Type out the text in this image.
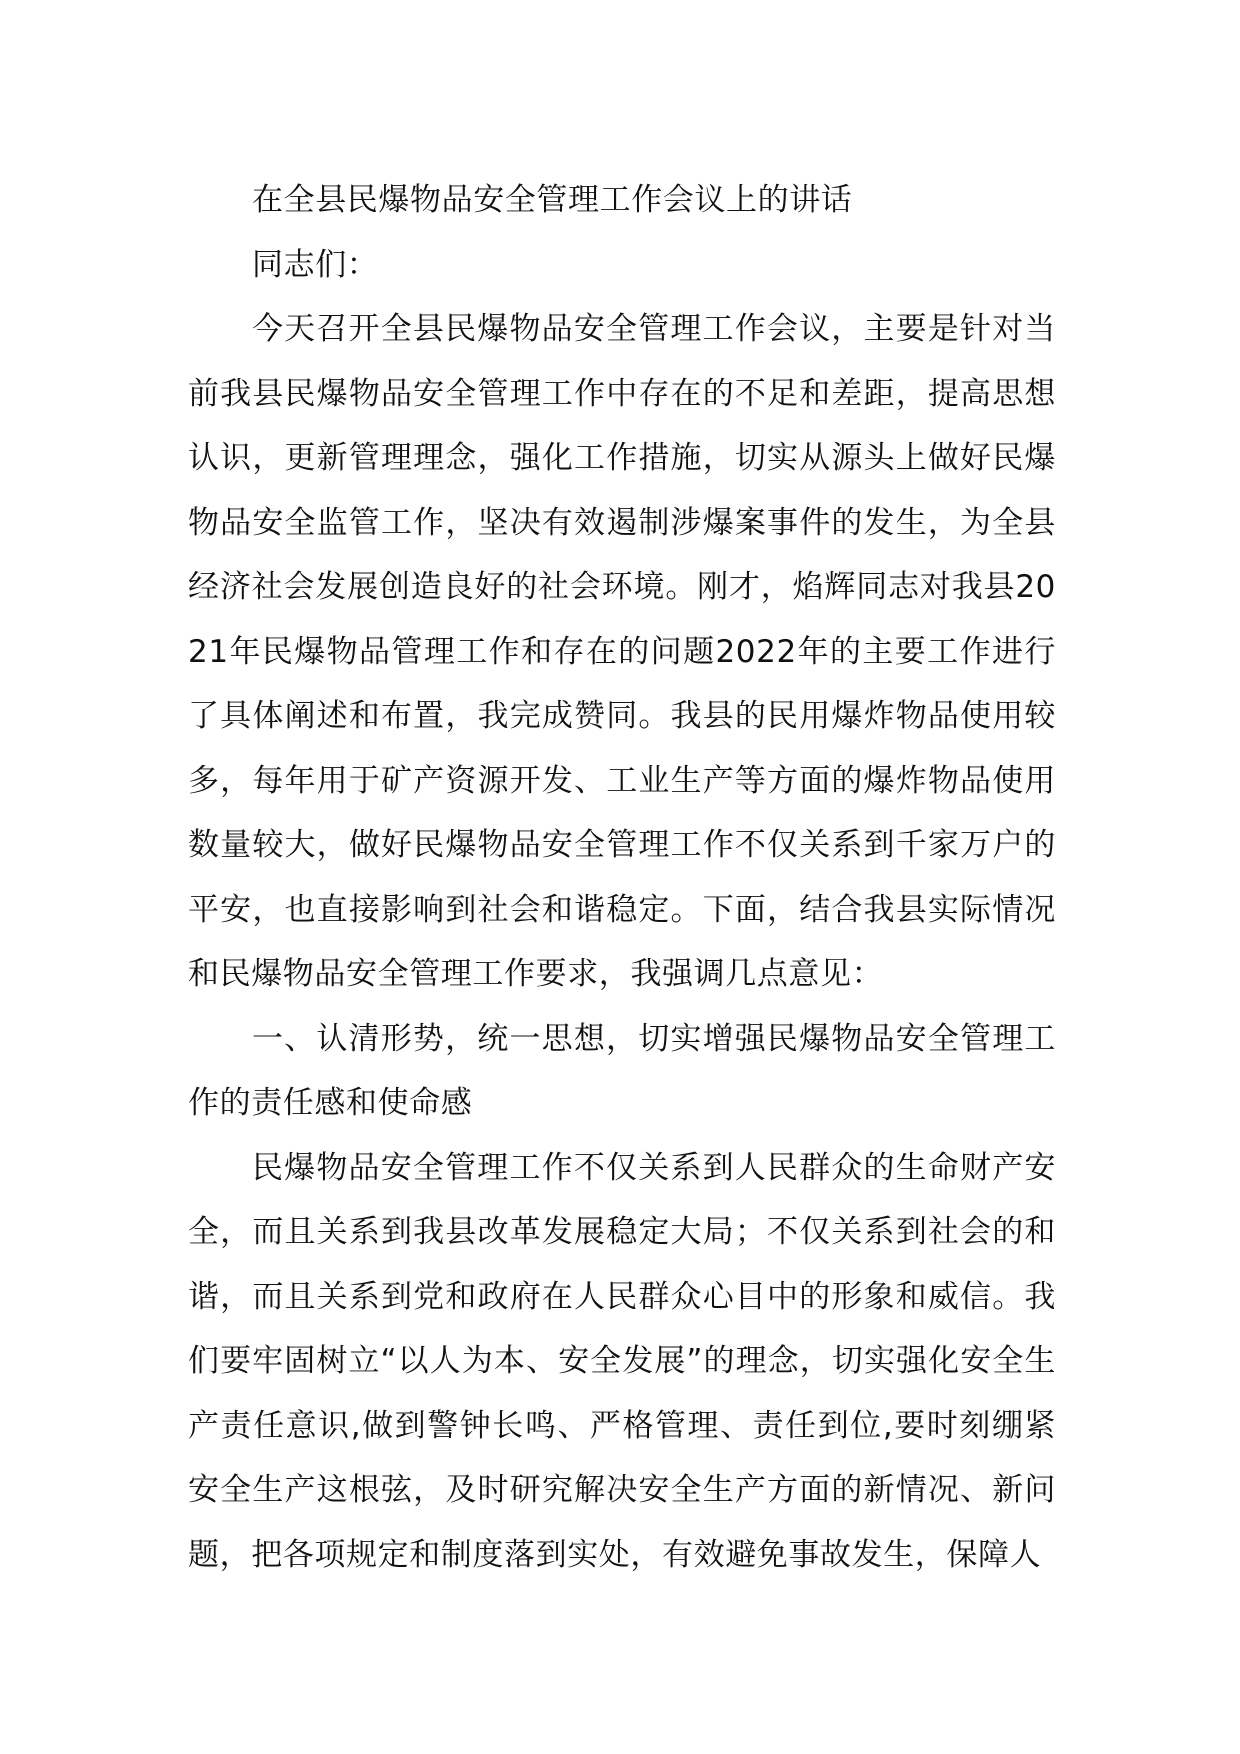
在全县民爆物品安全管理工作会议上的讲话

同志们：

今天召开全县民爆物品安全管理工作会议，主要是针对当前我县民爆物品安全管理工作中存在的不足和差距，提高思想认识，更新管理理念，强化工作措施，切实从源头上做好民爆物品安全监管工作，坚决有效遏制涉爆案事件的发生，为全县经济社会发展创造良好的社会环境。刚才，焰辉同志对我县2021年民爆物品管理工作和存在的问题2022年的主要工作进行了具体阐述和布置，我完成赞同。我县的民用爆炸物品使用较多，每年用于矿产资源开发、工业生产等方面的爆炸物品使用数量较大，做好民爆物品安全管理工作不仅关系到千家万户的平安，也直接影响到社会和谐稳定。下面，结合我县实际情况和民爆物品安全管理工作要求，我强调几点意见：

一、认清形势，统一思想，切实增强民爆物品安全管理工作的责任感和使命感

民爆物品安全管理工作不仅关系到人民群众的生命财产安全，而且关系到我县改革发展稳定大局；不仅关系到社会的和谐，而且关系到党和政府在人民群众心目中的形象和威信。我们要牢固树立“以人为本、安全发展”的理念，切实强化安全生产责任意识,做到警钟长鸣、严格管理、责任到位,要时刻绷紧安全生产这根弦，及时研究解决安全生产方面的新情况、新问题，把各项规定和制度落到实处，有效避免事故发生，保障人
